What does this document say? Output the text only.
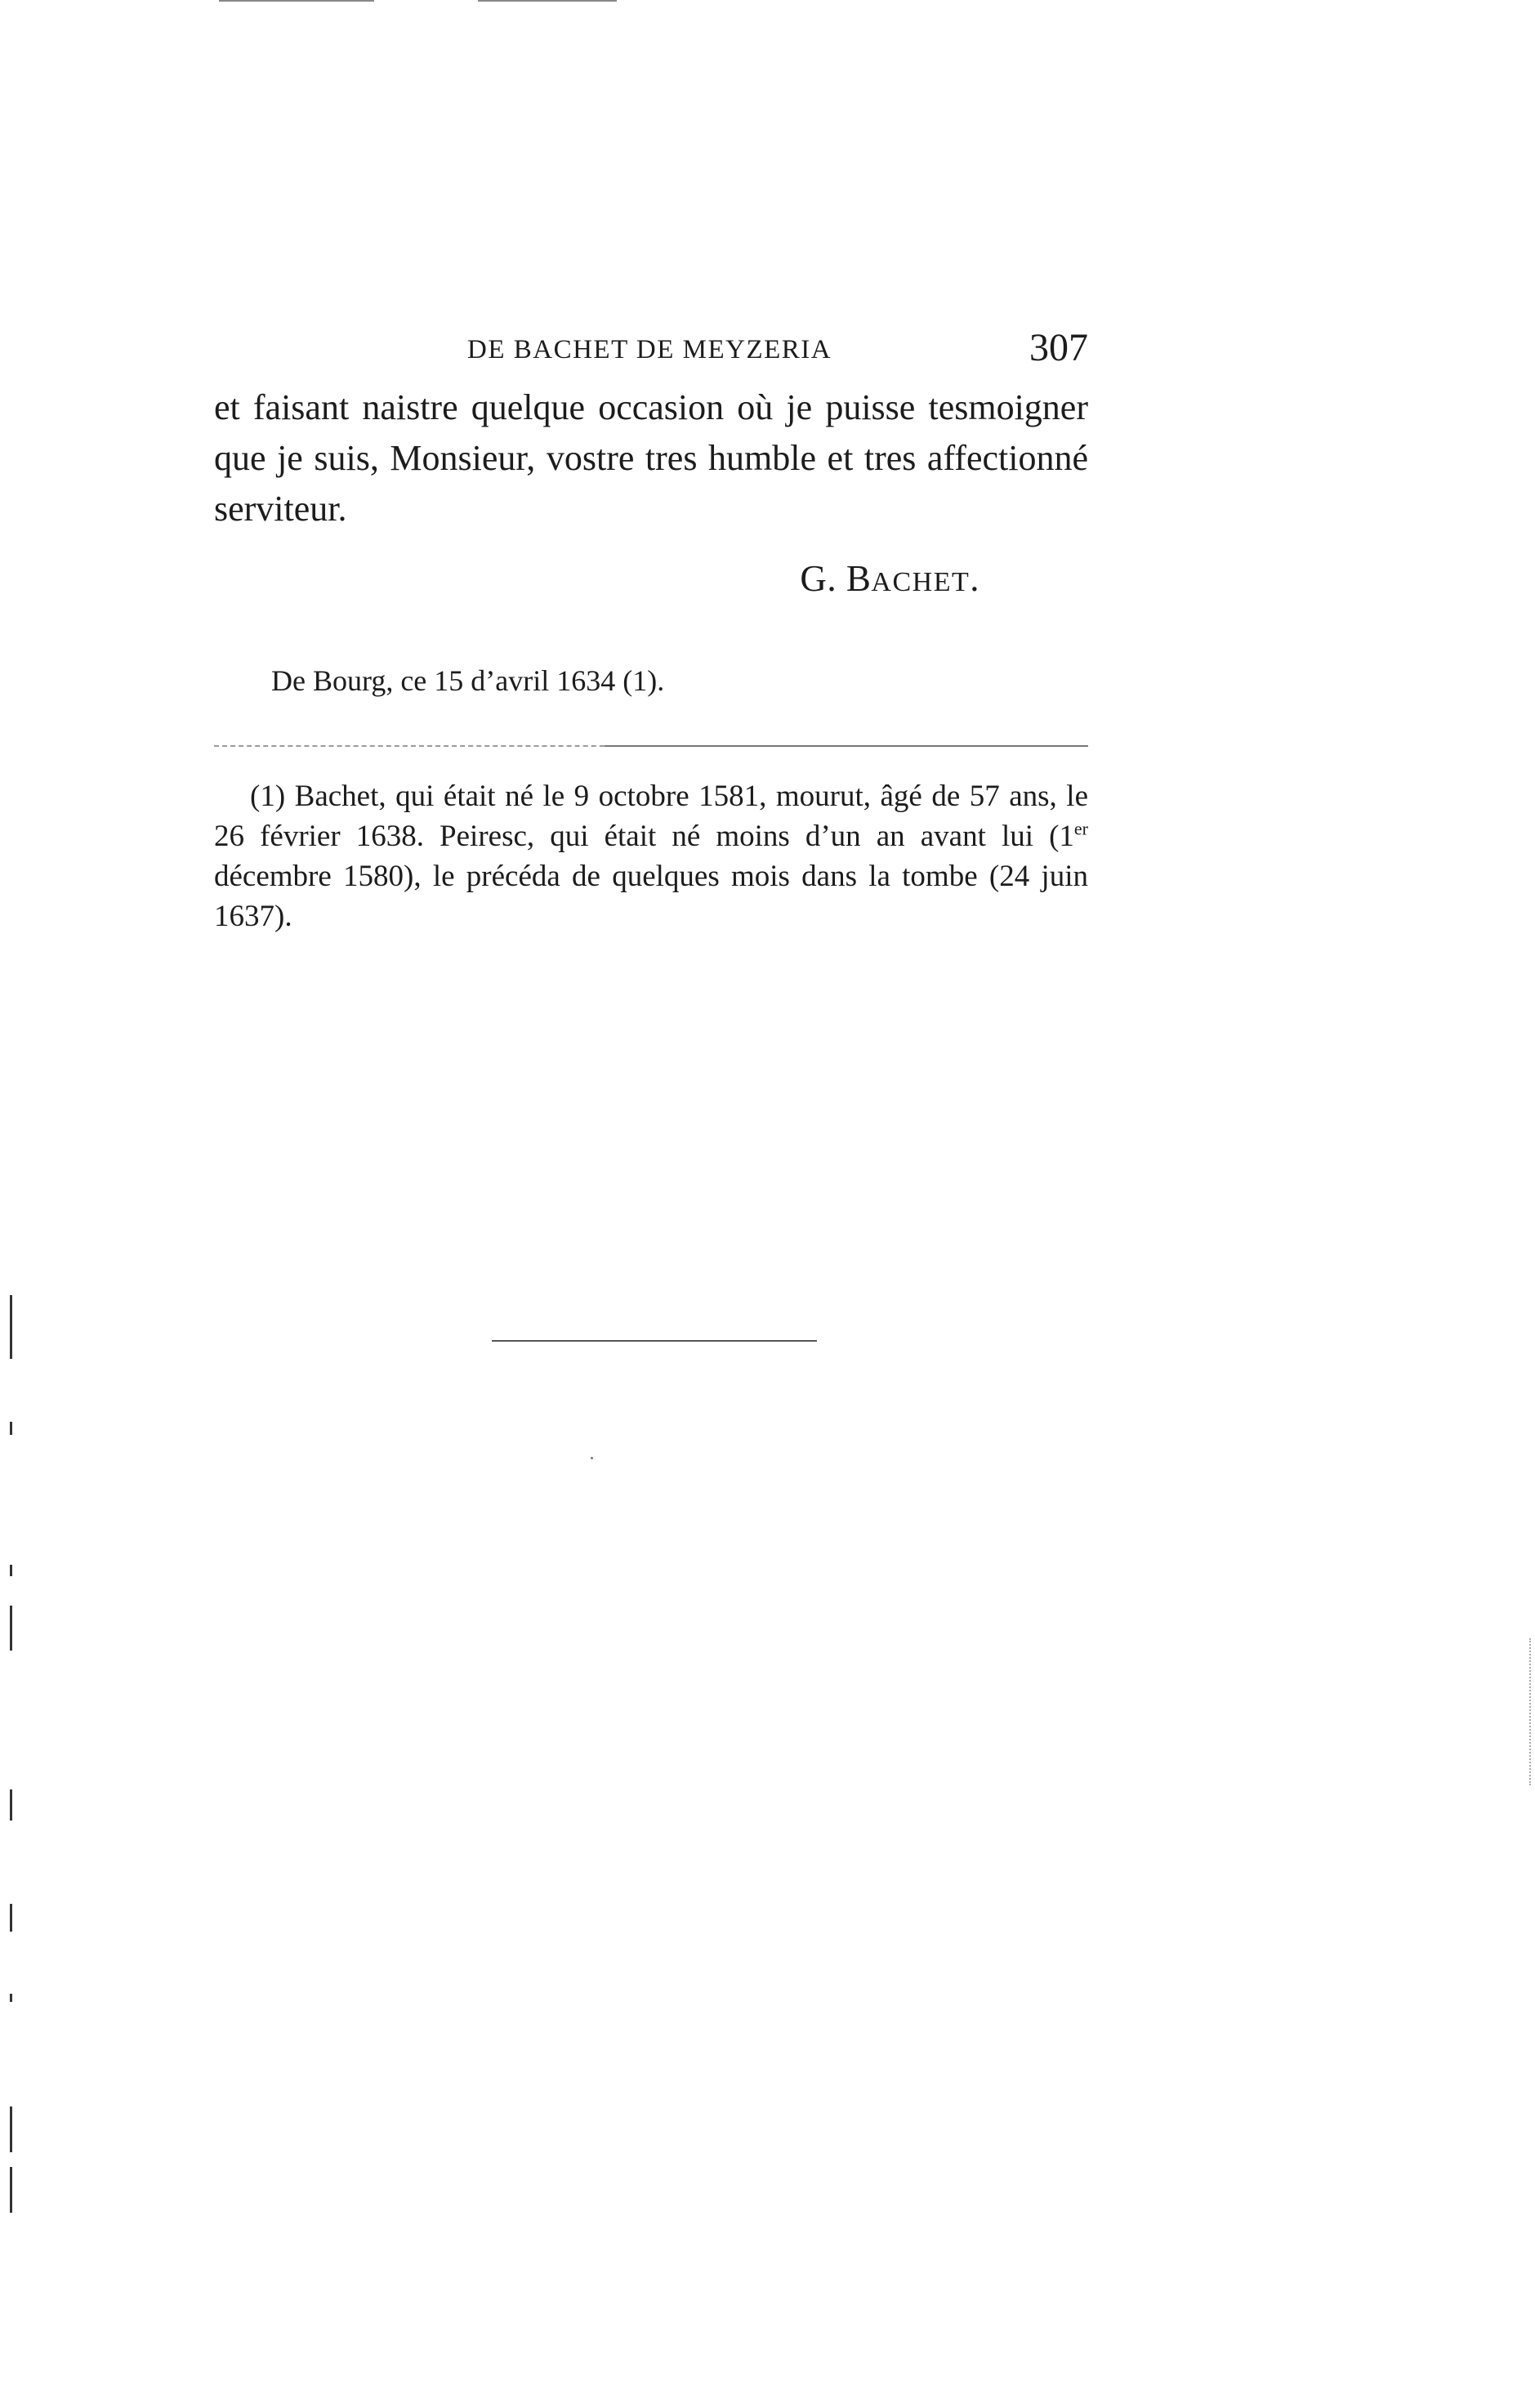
DE BACHET DE MEYZERIA	307
et faisant naistre quelque occasion où je puisse tesmoigner
que je suis, Monsieur, vostre tres humble et tres affectionné
serviteur.
G. BACHET.
De Bourg, ce 15 d’avril 1634 (1).

(1) Bachet, qui était né le 9 octobre 1581, mourut, âgé de 57 ans, le 26 février 1638. Peiresc, qui était né moins d’un an avant lui (1er décembre 1580), le précéda de quelques mois dans la tombe (24 juin 1637).
